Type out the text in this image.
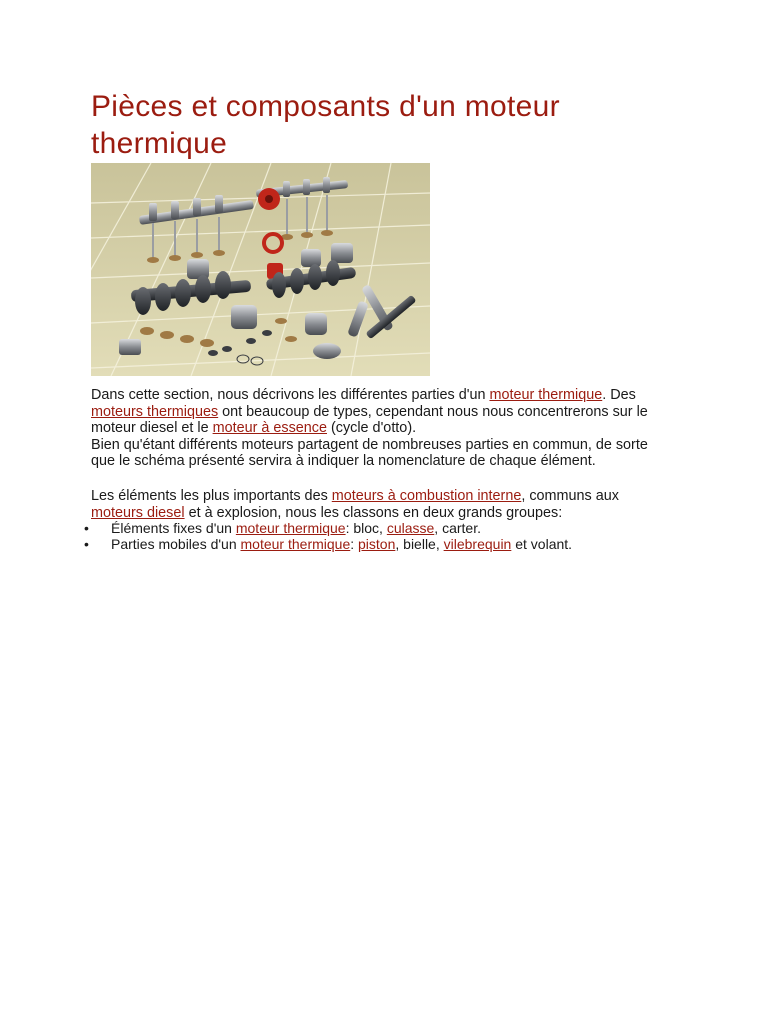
Pièces et composants d'un moteur thermique

Dans cette section, nous décrivons les différentes parties d'un moteur thermique. Des moteurs thermiques ont beaucoup de types, cependant nous nous concentrerons sur le moteur diesel et le moteur à essence (cycle d'otto).
Bien qu'étant différents moteurs partagent de nombreuses parties en commun, de sorte que le schéma présenté servira à indiquer la nomenclature de chaque élément.

Les éléments les plus importants des moteurs à combustion interne, communs aux moteurs diesel et à explosion, nous les classons en deux grands groupes:

• Éléments fixes d'un moteur thermique: bloc, culasse, carter.
• Parties mobiles d'un moteur thermique: piston, bielle, vilebrequin et volant.
